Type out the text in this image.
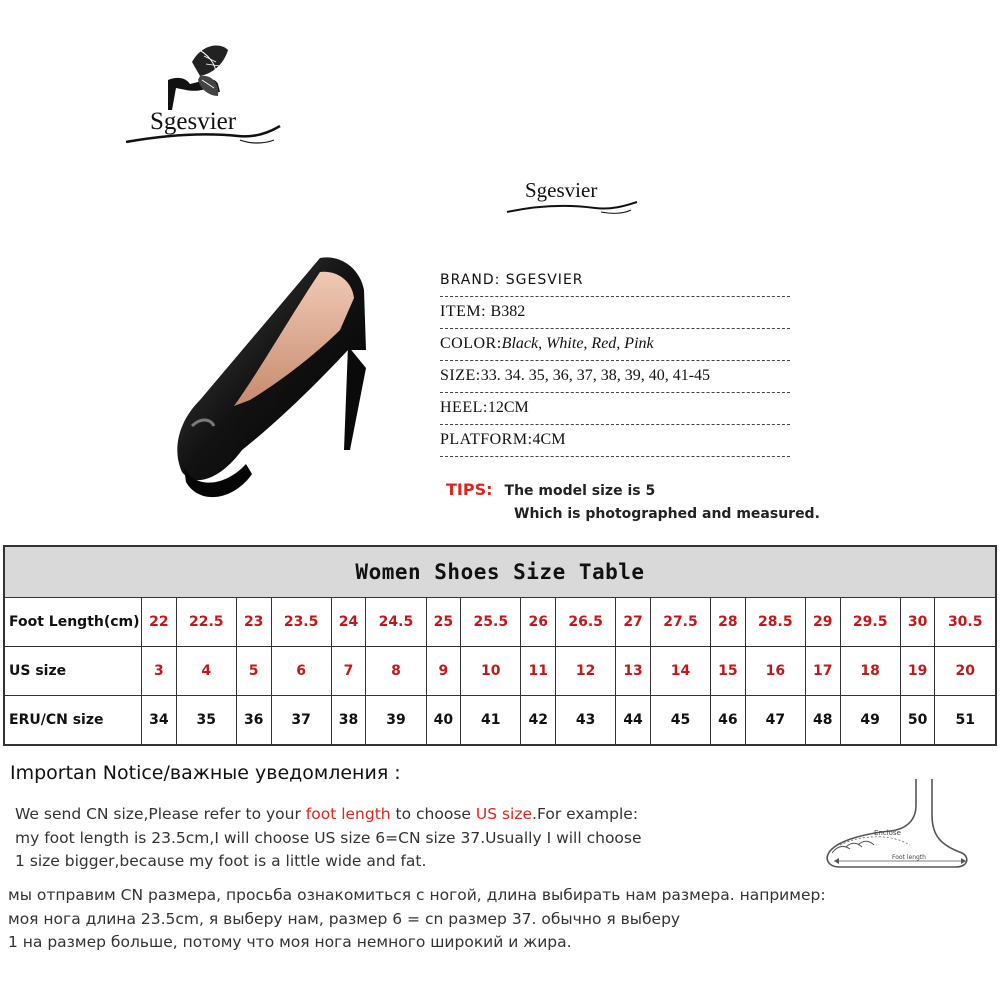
Sgesvier
Sgesvier
BRAND: SGESVIER
ITEM: B382
COLOR:Black, White, Red, Pink
SIZE:33. 34. 35, 36, 37, 38, 39, 40, 41-45
HEEL:12CM
PLATFORM:4CM
TIPS: The model size is 5
Which is photographed and measured.
Women Shoes Size Table																		
Foot Length(cm)	22	22.5	23	23.5	24	24.5	25	25.5	26	26.5	27	27.5	28	28.5	29	29.5	30	30.5
US size	3	4	5	6	7	8	9	10	11	12	13	14	15	16	17	18	19	20
ERU/CN size	34	35	36	37	38	39	40	41	42	43	44	45	46	47	48	49	50	51
Importan Notice/важные уведомления :
We send CN size,Please refer to your foot length to choose US size.For example:
my foot length is 23.5cm,I will choose US size 6=CN size 37.Usually I will choose
1 size bigger,because my foot is a little wide and fat.
мы отправим CN размера, просьба ознакомиться с ногой, длина выбирать нам размера. например:
моя нога длина 23.5cm, я выберу нам, размер 6 = cn размер 37. обычно я выберу
1 на размер больше, потому что моя нога немного широкий и жира.
Enclose
Foot length
